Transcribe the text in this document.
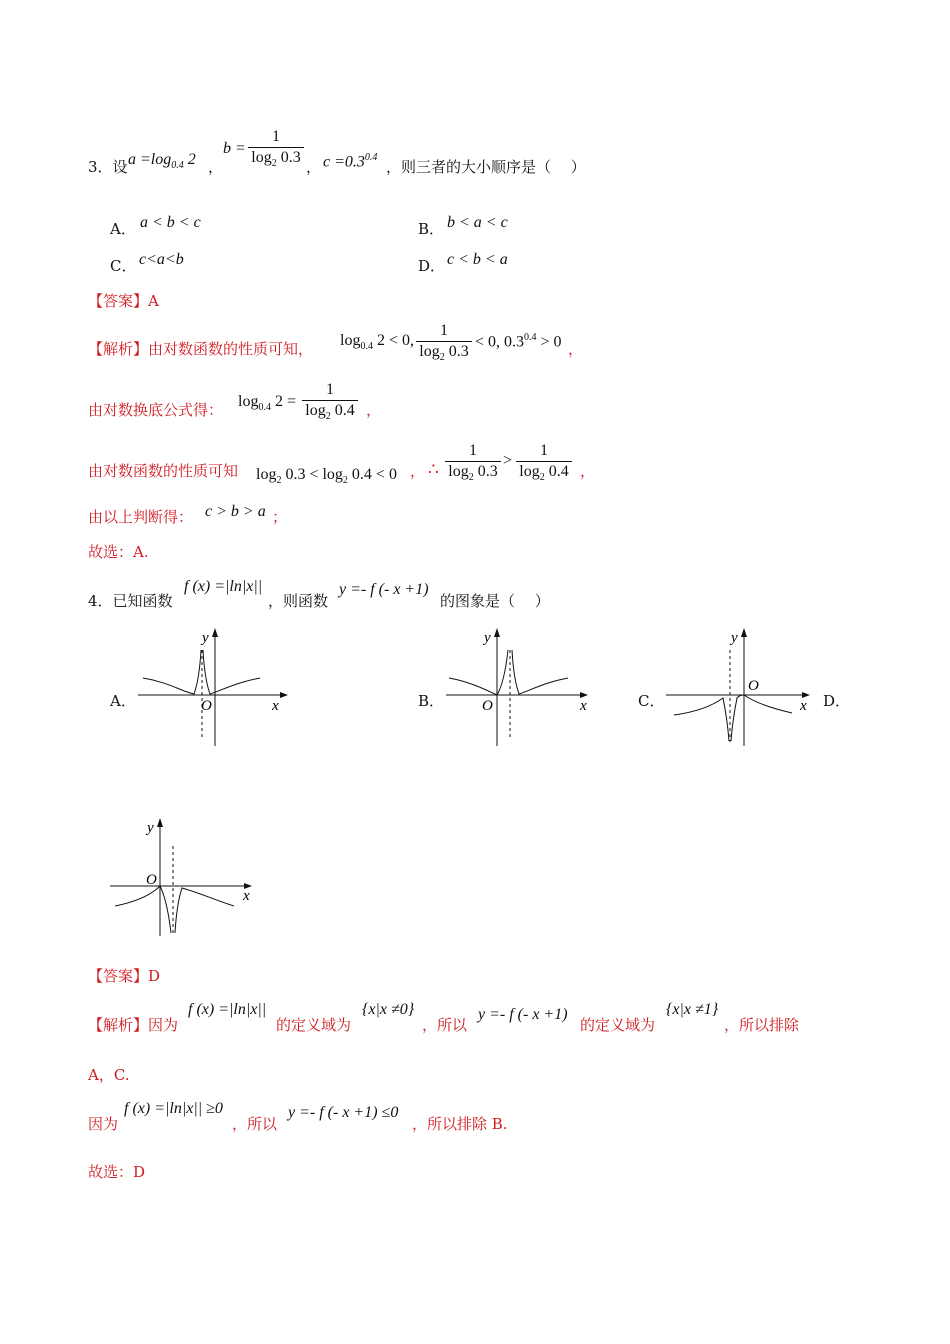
3．设 $a =\log_{0.4}$ 2 ，
b =
1
$\log_2 0.3$
， $c =0.3^{0.4}$
，则三者的大小顺序是（　 ）
A． a < b < c	B． b < a < c
C． c<a<b	D． c < b < a
【答案】A
【解析】由对数函数的性质可知， $\log_{0.4} 2 < 0$,
1
$\log_2 0.3$
< 0, $0.3^{0.4} > 0$ ，
由对数换底公式得： $\log_{0.4} 2$ =
1
$\log_2 0.4$ ，
由对数函数的性质可知 $\log_2 0.3 < \log_2 0.4 < 0$ ， ∴
1
$\log_2 0.3$
>
1
$\log_2 0.4$ ，
由以上判断得： c > b > a ；
故选：A.
4．已知函数
f (x) =|ln|x||
，则函数
y =- f (- x +1)
的图象是（　 ）
A．	O	x
y
B．	O	x
y
C．
O
x
y
D．
O
x
y
【答案】D
【解析】因为
f (x) =|ln|x||
的定义域为
{x|x ≠0}
，所以
y =- f (- x +1)
的定义域为
{x|x ≠1}
，所以排除
A，C.
因为
f (x) =|ln|x|| ≥0
，所以
y =- f (- x +1) ≤0
，所以排除 B.
故选：D
